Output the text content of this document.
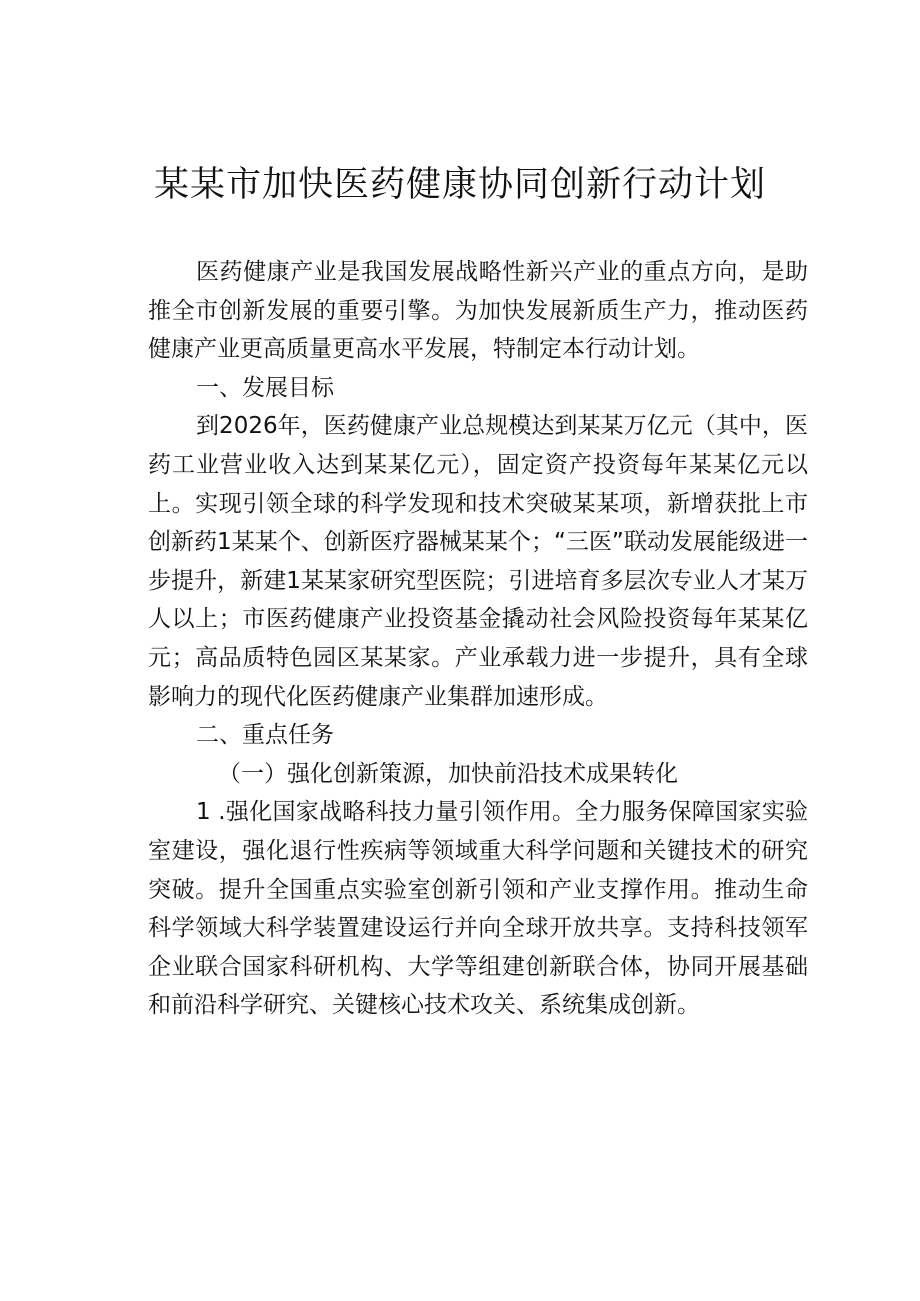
某某市加快医药健康协同创新行动计划

医药健康产业是我国发展战略性新兴产业的重点方向，是助推全市创新发展的重要引擎。为加快发展新质生产力，推动医药健康产业更高质量更高水平发展，特制定本行动计划。

一、发展目标

到2026年，医药健康产业总规模达到某某万亿元（其中，医药工业营业收入达到某某亿元），固定资产投资每年某某亿元以上。实现引领全球的科学发现和技术突破某某项，新增获批上市创新药1某某个、创新医疗器械某某个；“三医”联动发展能级进一步提升，新建1某某家研究型医院；引进培育多层次专业人才某万人以上；市医药健康产业投资基金撬动社会风险投资每年某某亿元；高品质特色园区某某家。产业承载力进一步提升，具有全球影响力的现代化医药健康产业集群加速形成。

二、重点任务

（一）强化创新策源，加快前沿技术成果转化

1 .强化国家战略科技力量引领作用。全力服务保障国家实验室建设，强化退行性疾病等领域重大科学问题和关键技术的研究突破。提升全国重点实验室创新引领和产业支撑作用。推动生命科学领域大科学装置建设运行并向全球开放共享。支持科技领军企业联合国家科研机构、大学等组建创新联合体，协同开展基础和前沿科学研究、关键核心技术攻关、系统集成创新。
